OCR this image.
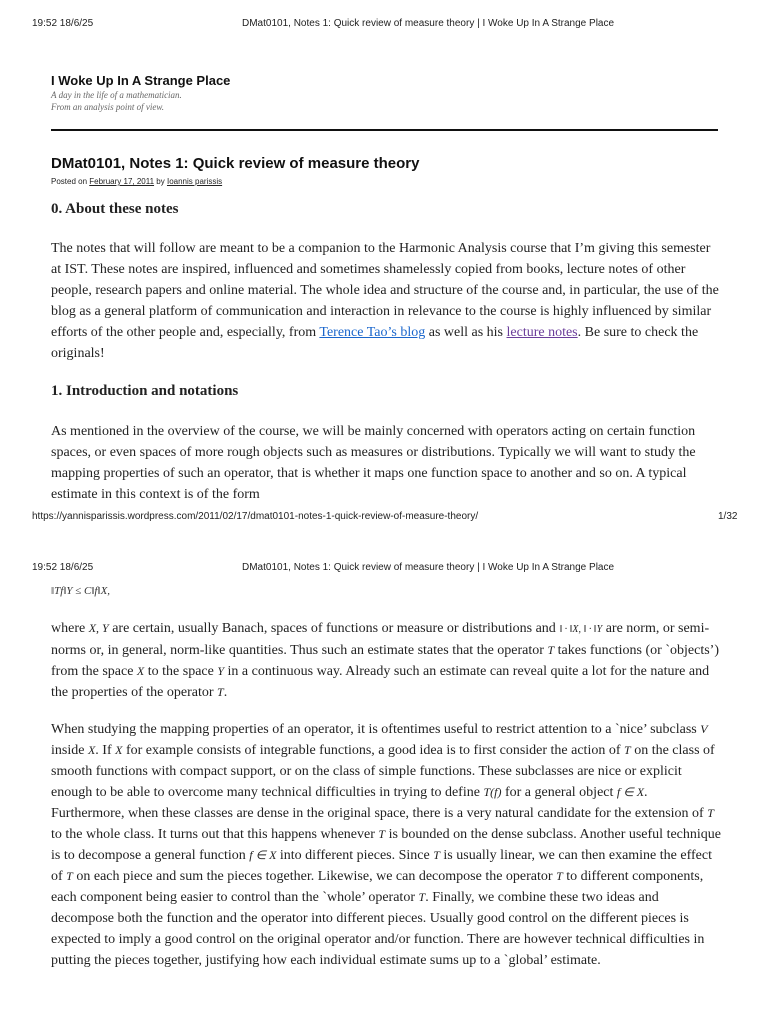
19:52 18/6/25	DMat0101, Notes 1: Quick review of measure theory | I Woke Up In A Strange Place
I Woke Up In A Strange Place
A day in the life of a mathematician.
From an analysis point of view.
DMat0101, Notes 1: Quick review of measure theory
Posted on February 17, 2011 by Ioannis parissis
0. About these notes

The notes that will follow are meant to be a companion to the Harmonic Analysis course that I’m giving this semester at IST. These notes are inspired, influenced and sometimes shamelessly copied from books, lecture notes of other people, research papers and online material. The whole idea and structure of the course and, in particular, the use of the blog as a general platform of communication and interaction in relevance to the course is highly influenced by similar efforts of the other people and, especially, from Terence Tao’s blog as well as his lecture notes. Be sure to check the originals!

1. Introduction and notations

As mentioned in the overview of the course, we will be mainly concerned with operators acting on certain function spaces, or even spaces of more rough objects such as measures or distributions. Typically we will want to study the mapping properties of such an operator, that is whether it maps one function space to another and so on. A typical estimate in this context is of the form

https://yannisparissis.wordpress.com/2011/02/17/dmat0101-notes-1-quick-review-of-measure-theory/	1/32
19:52 18/6/25	DMat0101, Notes 1: Quick review of measure theory | I Woke Up In A Strange Place
‖Tf‖Y ≤ C‖f‖X,

where X, Y are certain, usually Banach, spaces of functions or measure or distributions and ‖ · ‖X, ‖ · ‖Y are norm, or semi-norms or, in general, norm-like quantities. Thus such an estimate states that the operator T takes functions (or `objects’) from the space X to the space Y in a continuous way. Already such an estimate can reveal quite a lot for the nature and the properties of the operator T.

When studying the mapping properties of an operator, it is oftentimes useful to restrict attention to a `nice’ subclass V inside X. If X for example consists of integrable functions, a good idea is to first consider the action of T on the class of smooth functions with compact support, or on the class of simple functions. These subclasses are nice or explicit enough to be able to overcome many technical difficulties in trying to define T(f) for a general object f ∈ X. Furthermore, when these classes are dense in the original space, there is a very natural candidate for the extension of T to the whole class. It turns out that this happens whenever T is bounded on the dense subclass. Another useful technique is to decompose a general function f ∈ X into different pieces. Since T is usually linear, we can then examine the effect of T on each piece and sum the pieces together. Likewise, we can decompose the operator T to different components, each component being easier to control than the `whole’ operator T. Finally, we combine these two ideas and decompose both the function and the operator into different pieces. Usually good control on the different pieces is expected to imply a good control on the original operator and/or function. There are however technical difficulties in putting the pieces together, justifying how each individual estimate sums up to a `global’ estimate.
